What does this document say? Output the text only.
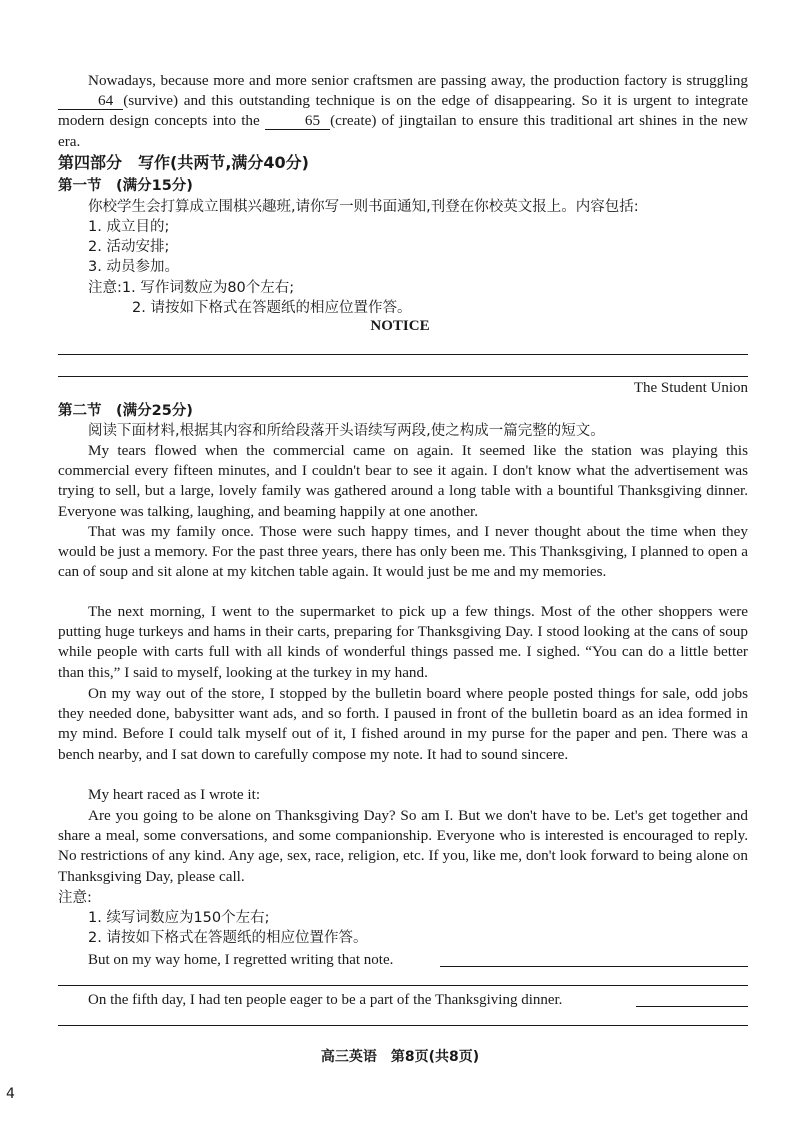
Nowadays, because more and more senior craftsmen are passing away, the production factory is struggling 64 (survive) and this outstanding technique is on the edge of disappearing. So it is urgent to integrate modern design concepts into the	65 (create) of jingtailan to ensure this traditional art shines in the new era.

第四部分　写作(共两节,满分40分)
第一节　(满分15分)
你校学生会打算成立围棋兴趣班,请你写一则书面通知,刊登在你校英文报上。内容包括:
1. 成立目的;
2. 活动安排;
3. 动员参加。
注意:1. 写作词数应为80个左右;
2. 请按如下格式在答题纸的相应位置作答。
NOTICE
The Student Union
第二节　(满分25分)
阅读下面材料,根据其内容和所给段落开头语续写两段,使之构成一篇完整的短文。

My tears flowed when the commercial came on again. It seemed like the station was playing this commercial every fifteen minutes, and I couldn't bear to see it again. I don't know what the advertisement was trying to sell, but a large, lovely family was gathered around a long table with a bountiful Thanksgiving dinner. Everyone was talking, laughing, and beaming happily at one another.

That was my family once. Those were such happy times, and I never thought about the time when they would be just a memory. For the past three years, there has only been me. This Thanksgiving, I planned to open a can of soup and sit alone at my kitchen table again. It would just be me and my memories.

The next morning, I went to the supermarket to pick up a few things. Most of the other shoppers were putting huge turkeys and hams in their carts, preparing for Thanksgiving Day. I stood looking at the cans of soup while people with carts full with all kinds of wonderful things passed me. I sighed. “You can do a little better than this,” I said to myself, looking at the turkey in my hand.

On my way out of the store, I stopped by the bulletin board where people posted things for sale, odd jobs they needed done, babysitter want ads, and so forth. I paused in front of the bulletin board as an idea formed in my mind. Before I could talk myself out of it, I fished around in my purse for the paper and pen. There was a bench nearby, and I sat down to carefully compose my note. It had to sound sincere.

My heart raced as I wrote it:

Are you going to be alone on Thanksgiving Day? So am I. But we don't have to be. Let's get together and share a meal, some conversations, and some companionship. Everyone who is interested is encouraged to reply. No restrictions of any kind. Any age, sex, race, religion, etc. If you, like me, don't look forward to being alone on Thanksgiving Day, please call.

注意:
1. 续写词数应为150个左右;
2. 请按如下格式在答题纸的相应位置作答。
But on my way home, I regretted writing that note.
On the fifth day, I had ten people eager to be a part of the Thanksgiving dinner.
高三英语　第8页(共8页)
4
